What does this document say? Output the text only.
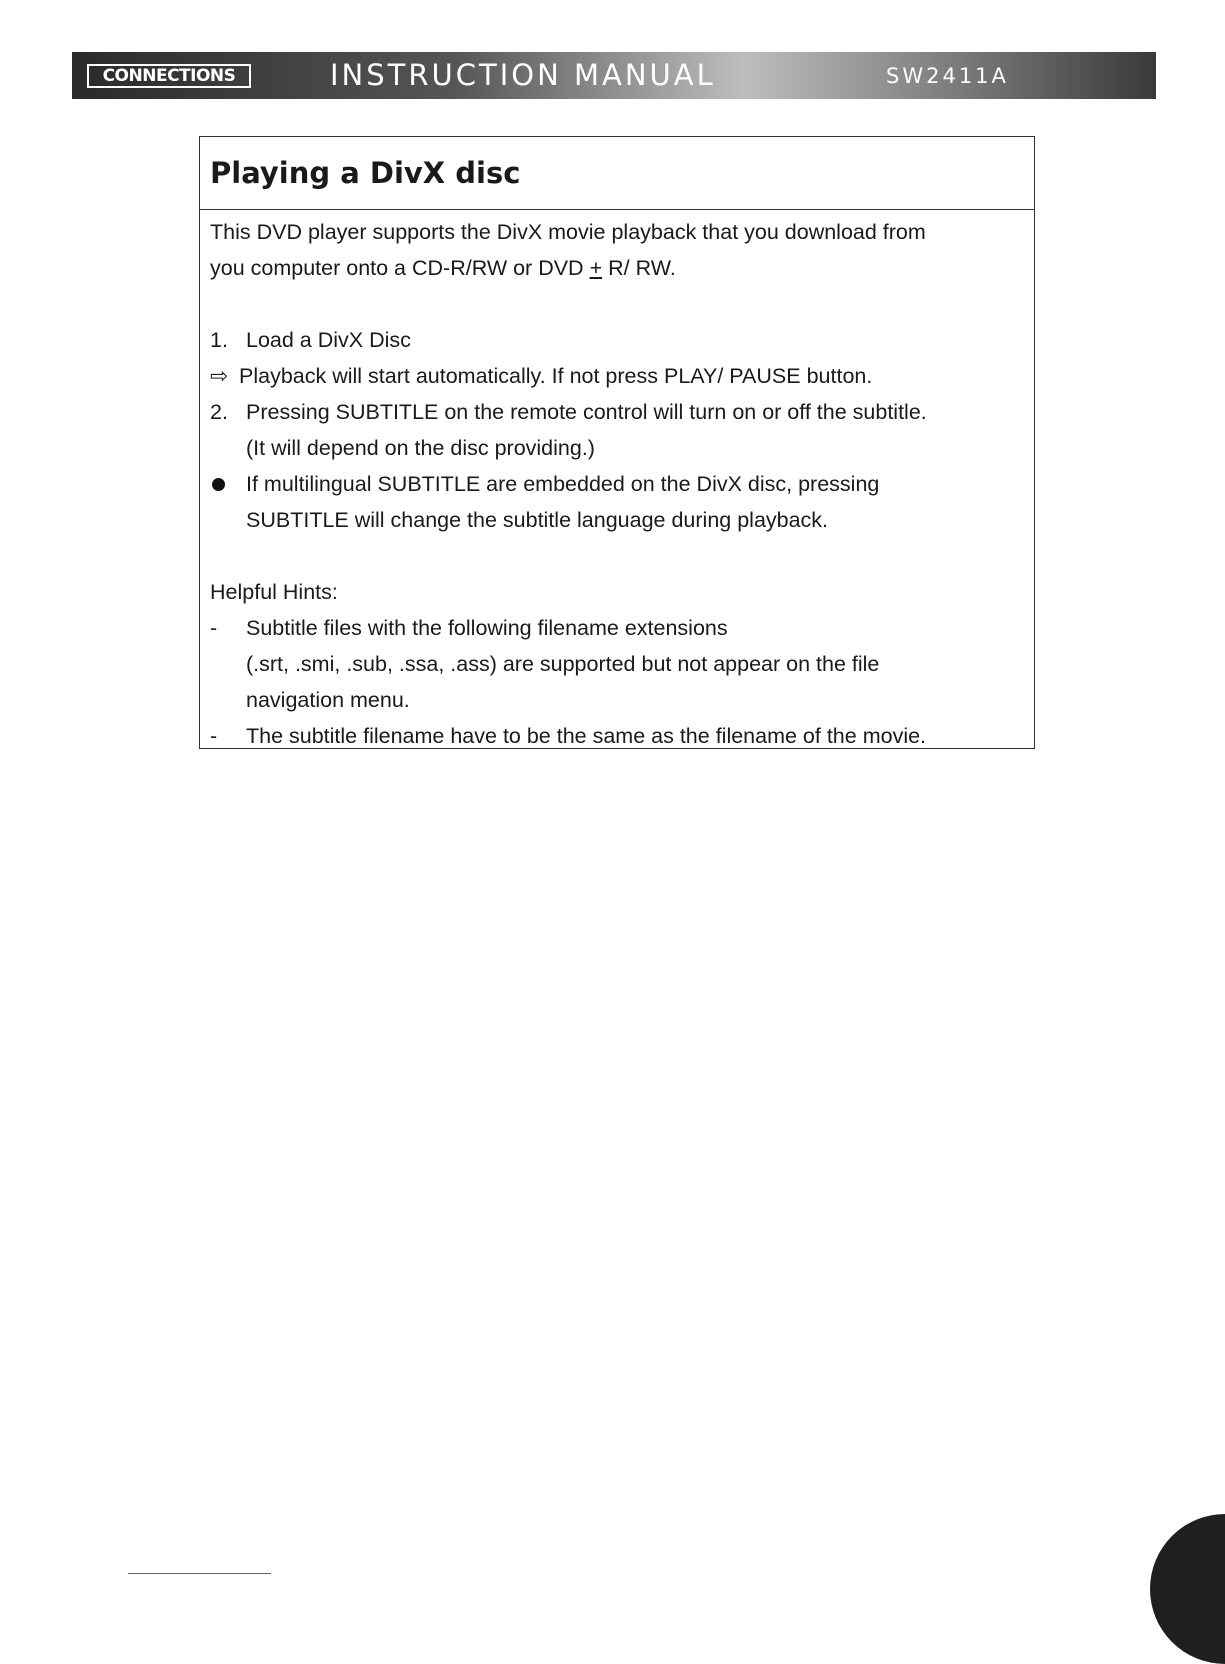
CONNECTIONS	INSTRUCTION MANUAL	SW2411A
Playing a DivX disc
This DVD player supports the DivX movie playback that you download from
you computer onto a CD-R/RW or DVD + R/ RW.
1. Load a DivX Disc
⇨ Playback will start automatically. If not press PLAY/ PAUSE button.
2. Pressing SUBTITLE on the remote control will turn on or off the subtitle.
(It will depend on the disc providing.)
If multilingual SUBTITLE are embedded on the DivX disc, pressing
SUBTITLE will change the subtitle language during playback.
Helpful Hints:
-	Subtitle files with the following filename extensions
(.srt, .smi, .sub, .ssa, .ass) are supported but not appear on the file
navigation menu.
-	The subtitle filename have to be the same as the filename of the movie.
